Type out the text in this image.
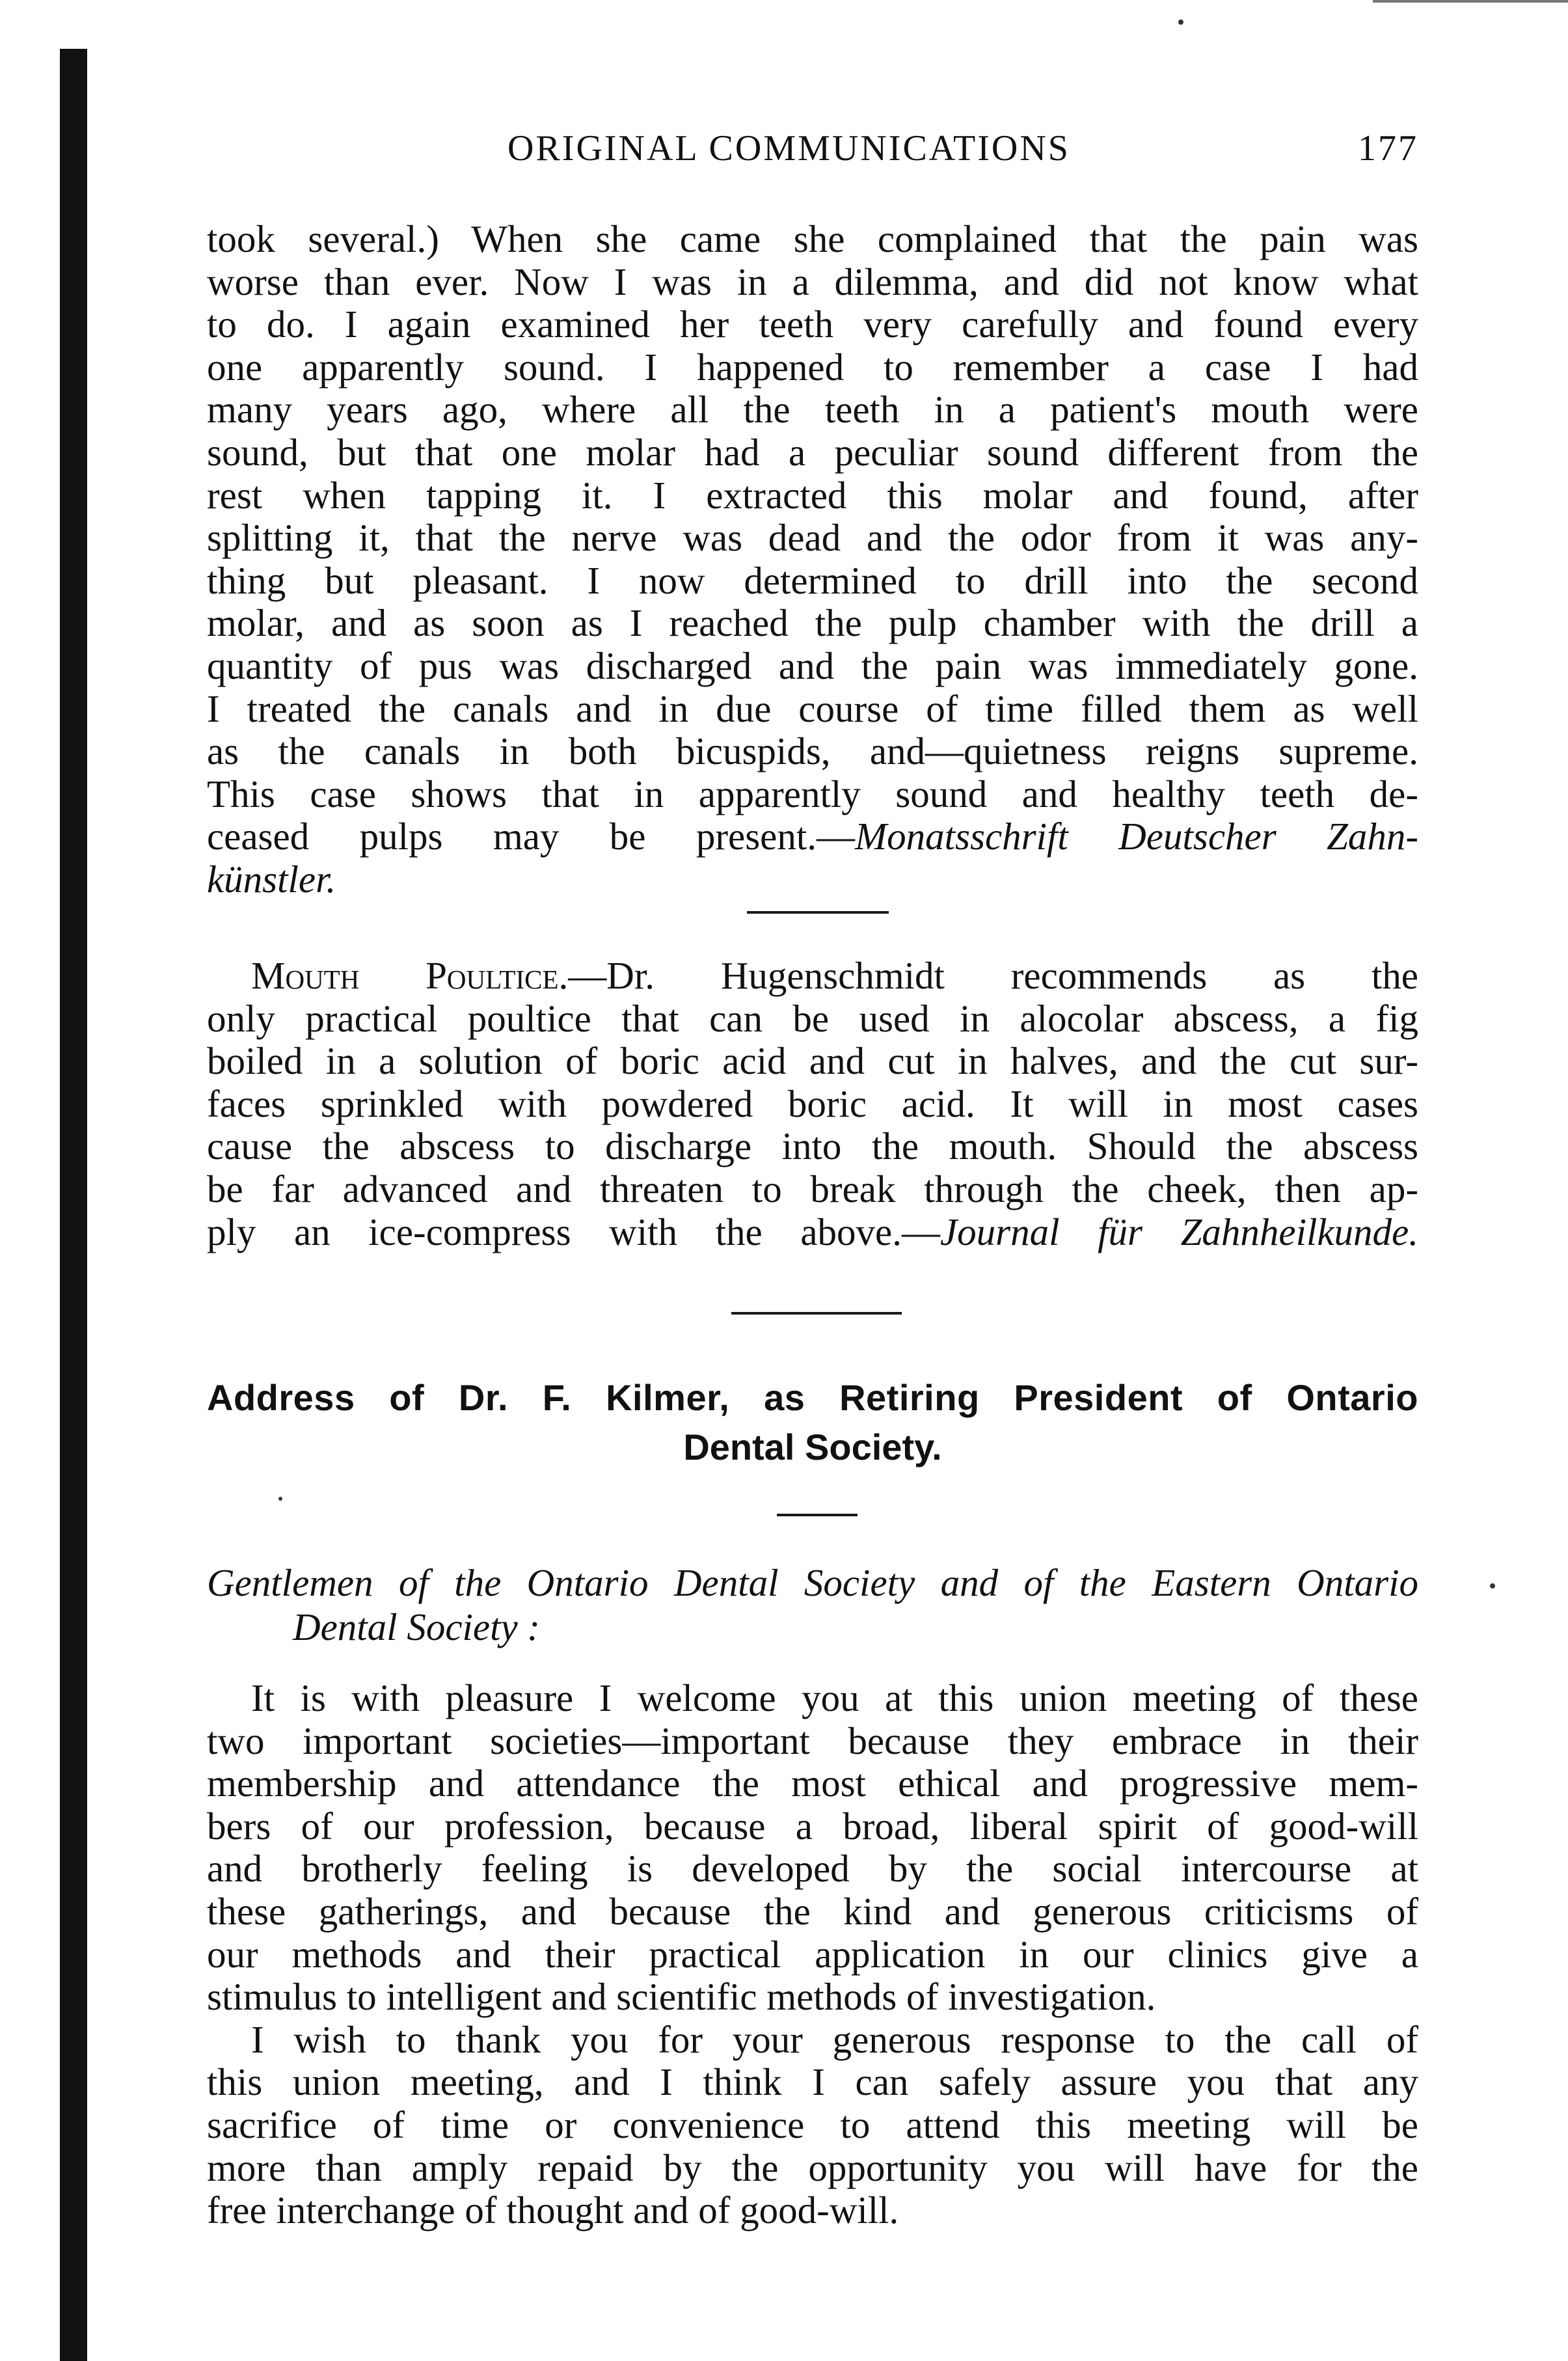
ORIGINAL COMMUNICATIONS	177
took several.) When she came she complained that the pain was
worse than ever. Now I was in a dilemma, and did not know what
to do. I again examined her teeth very carefully and found every
one apparently sound. I happened to remember a case I had
many years ago, where all the teeth in a patient's mouth were
sound, but that one molar had a peculiar sound different from the
rest when tapping it. I extracted this molar and found, after
splitting it, that the nerve was dead and the odor from it was any-
thing but pleasant. I now determined to drill into the second
molar, and as soon as I reached the pulp chamber with the drill a
quantity of pus was discharged and the pain was immediately gone.
I treated the canals and in due course of time filled them as well
as the canals in both bicuspids, and—quietness reigns supreme.
This case shows that in apparently sound and healthy teeth de-
ceased pulps may be present.—Monatsschrift Deutscher Zahn-
künstler.
Mouth Poultice.—Dr. Hugenschmidt recommends as the
only practical poultice that can be used in alocolar abscess, a fig
boiled in a solution of boric acid and cut in halves, and the cut sur-
faces sprinkled with powdered boric acid. It will in most cases
cause the abscess to discharge into the mouth. Should the abscess
be far advanced and threaten to break through the cheek, then ap-
ply an ice-compress with the above.—Journal für Zahnheilkunde.
Address of Dr. F. Kilmer, as Retiring President of Ontario
Dental Society.
Gentlemen of the Ontario Dental Society and of the Eastern Ontario
Dental Society :
It is with pleasure I welcome you at this union meeting of these
two important societies—important because they embrace in their
membership and attendance the most ethical and progressive mem-
bers of our profession, because a broad, liberal spirit of good-will
and brotherly feeling is developed by the social intercourse at
these gatherings, and because the kind and generous criticisms of
our methods and their practical application in our clinics give a
stimulus to intelligent and scientific methods of investigation.
I wish to thank you for your generous response to the call of
this union meeting, and I think I can safely assure you that any
sacrifice of time or convenience to attend this meeting will be
more than amply repaid by the opportunity you will have for the
free interchange of thought and of good-will.
